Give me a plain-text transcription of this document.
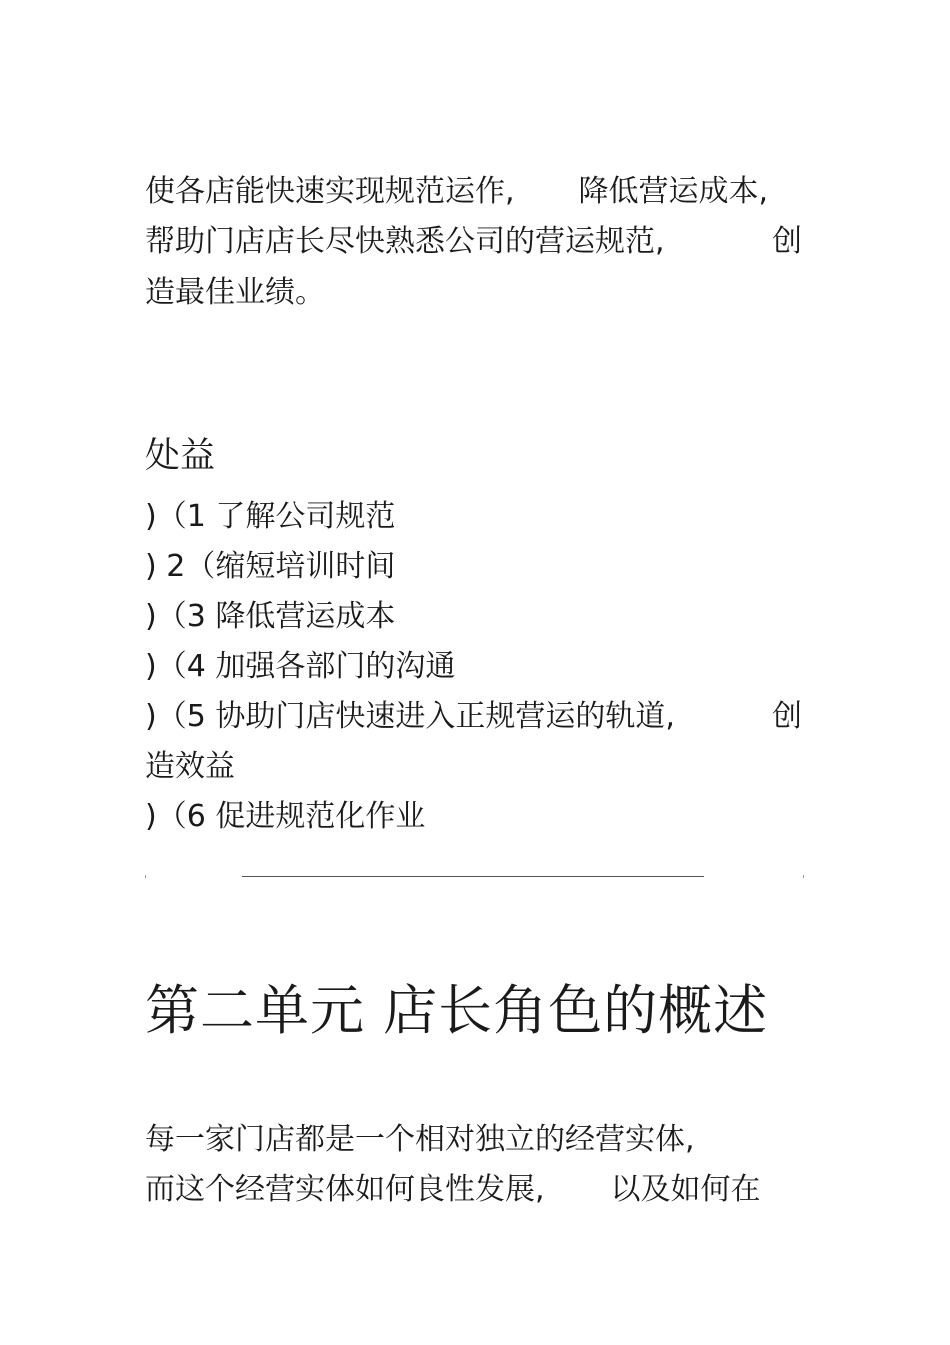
使各店能快速实现规范运作, 降低营运成本,
帮助门店店长尽快熟悉公司的营运规范,	创
造最佳业绩。
处益
)（1 了解公司规范
) 2（缩短培训时间
)（3 降低营运成本
)（4 加强各部门的沟通
)（5 协助门店快速进入正规营运的轨道,	创
造效益
)（6 促进规范化作业
第二单元 店长角色的概述
每一家门店都是一个相对独立的经营实体,
而这个经营实体如何良性发展, 以及如何在
